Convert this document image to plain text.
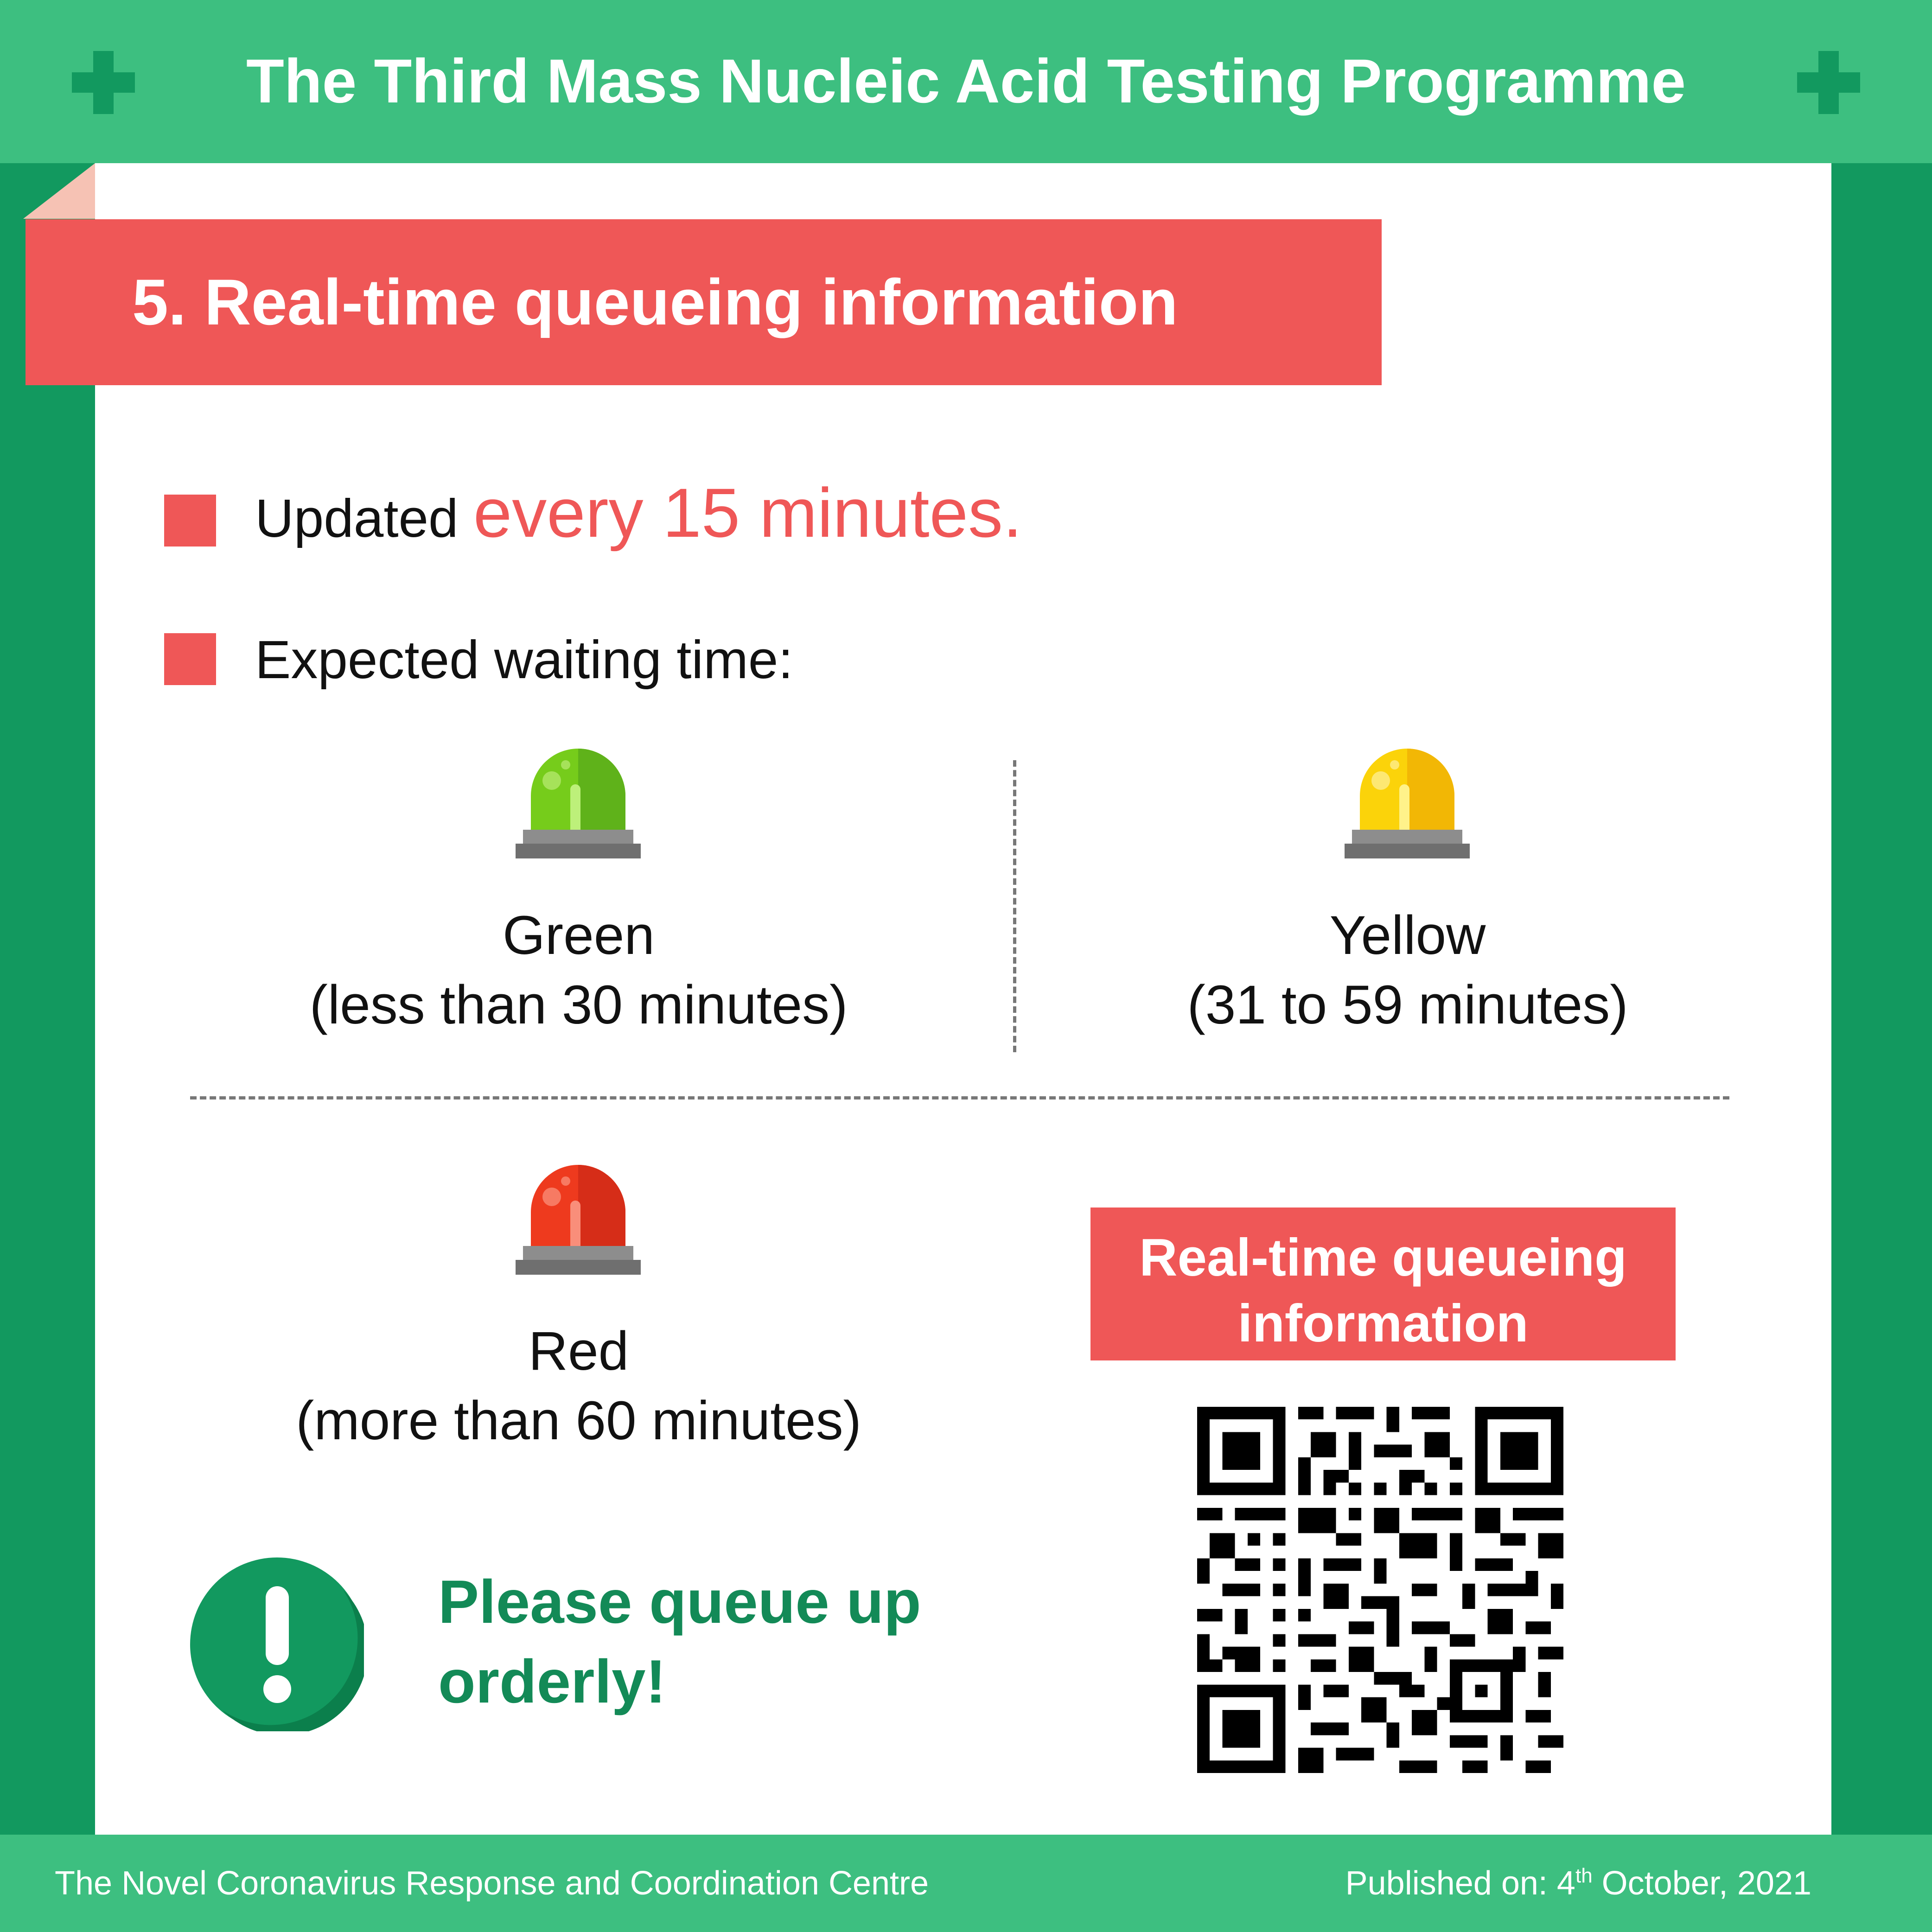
The Third Mass Nucleic Acid Testing Programme
5. Real-time queueing information
Updated every 15 minutes.
Expected waiting time:
Green
(less than 30 minutes)
Yellow
(31 to 59 minutes)
Red
(more than 60 minutes)
Real-time queueing information
Please queue up orderly!
The Novel Coronavirus Response and Coordination Centre	Published on: 4th October, 2021
